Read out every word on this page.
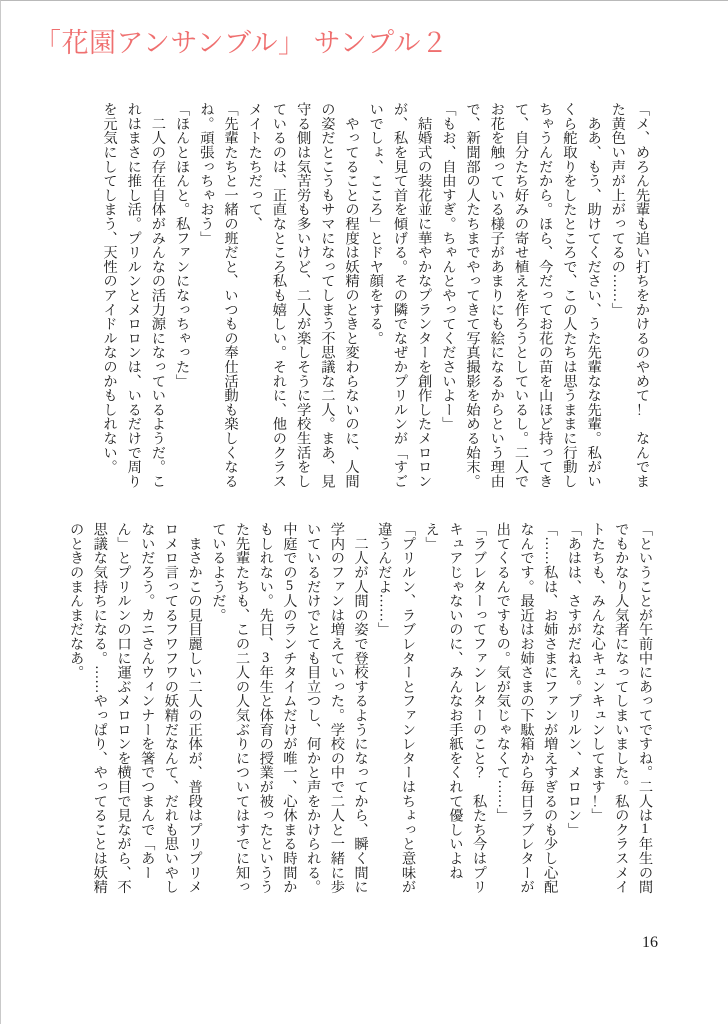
「花園アンサンブル」 サンプル２

「メ、めろん先輩も追い打ちをかけるのやめて！　なんでまた黄色い声が上がってるの……」

　ああ、もう、助けてください、うた先輩なな先輩。私がいくら舵取りをしたところで、この人たちは思うままに行動しちゃうんだから。ほら、今だってお花の苗を山ほど持ってきて、自分たち好みの寄せ植えを作ろうとしているし。二人でお花を触っている様子があまりにも絵になるからという理由で、新聞部の人たちまでやってきて写真撮影を始める始末。

「もお、自由すぎ。ちゃんとやってくださいよー」

　結婚式の装花並に華やかなプランターを創作したメロロンが、私を見て首を傾げる。その隣でなぜかプリルンが「すごいでしょ、こころ」とドヤ顔をする。

　やってることの程度は妖精のときと変わらないのに、人間の姿だとこうもサマになってしまう不思議な二人。まあ、見守る側は気苦労も多いけど、二人が楽しそうに学校生活をしているのは、正直なところ私も嬉しい。それに、他のクラスメイトたちだって、

「先輩たちと一緒の班だと、いつもの奉仕活動も楽しくなるね。頑張っちゃおう」

「ほんとほんと。私ファンになっちゃった」

　二人の存在自体がみんなの活力源になっているようだ。これはまさに推し活。プリルンとメロロンは、いるだけで周りを元気にしてしまう、天性のアイドルなのかもしれない。

「ということが午前中にあってですね。二人は1年生の間でもかなり人気者になってしまいました。私のクラスメイトたちも、みんな心キュンキュンしてます！」

「あはは、さすがだねえ。プリルン、メロロン」

「……私は、お姉さまにファンが増えすぎるのも少し心配なんです。最近はお姉さまの下駄箱から毎日ラブレターが出てくるんですもの。気が気じゃなくて……」

「ラブレターってファンレターのこと？　私たち今はプリキュアじゃないのに、みんなお手紙をくれて優しいよねえ」

「プリルン、ラブレターとファンレターはちょっと意味が違うんだよ……」

　二人が人間の姿で登校するようになってから、瞬く間に学内のファンは増えていった。学校の中で二人と一緒に歩いているだけでとても目立つし、何かと声をかけられる。中庭での5人のランチタイムだけが唯一、心休まる時間かもしれない。先日、3年生と体育の授業が被ったといううた先輩たちも、この二人の人気ぶりについてはすでに知っているようだ。

　まさかこの見目麗しい二人の正体が、普段はプリプリメロメロ言ってるフワフワの妖精だなんて、だれも思いやしないだろう。カニさんウィンナーを箸でつまんで「あーん」とプリルンの口に運ぶメロロンを横目で見ながら、不思議な気持ちになる。……やっぱり、やってることは妖精のときのまんまだなあ。

16
